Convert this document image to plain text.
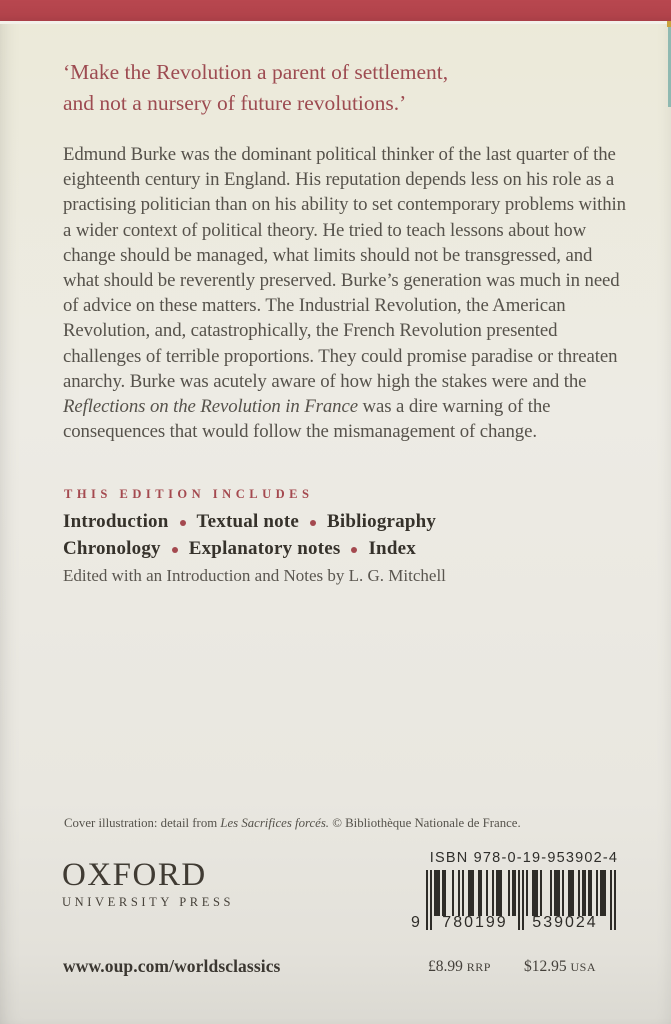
‘Make the Revolution a parent of settlement,
and not a nursery of future revolutions.’
Edmund Burke was the dominant political thinker of the last quarter of the eighteenth century in England. His reputation depends less on his role as a practising politician than on his ability to set contemporary problems within a wider context of political theory. He tried to teach lessons about how change should be managed, what limits should not be transgressed, and what should be reverently preserved. Burke’s generation was much in need of advice on these matters. The Industrial Revolution, the American Revolution, and, catastrophically, the French Revolution presented challenges of terrible proportions. They could promise paradise or threaten anarchy. Burke was acutely aware of how high the stakes were and the Reflections on the Revolution in France was a dire warning of the consequences that would follow the mismanagement of change.
THIS EDITION INCLUDES
Introduction Textual note Bibliography
Chronology Explanatory notes Index
Edited with an Introduction and Notes by L. G. Mitchell
Cover illustration: detail from Les Sacrifices forcés. © Bibliothèque Nationale de France.
OXFORD
UNIVERSITY PRESS
ISBN 978-0-19-953902-4
9	780199	539024
www.oup.com/worldsclassics	£8.99 RRP $12.95 USA
